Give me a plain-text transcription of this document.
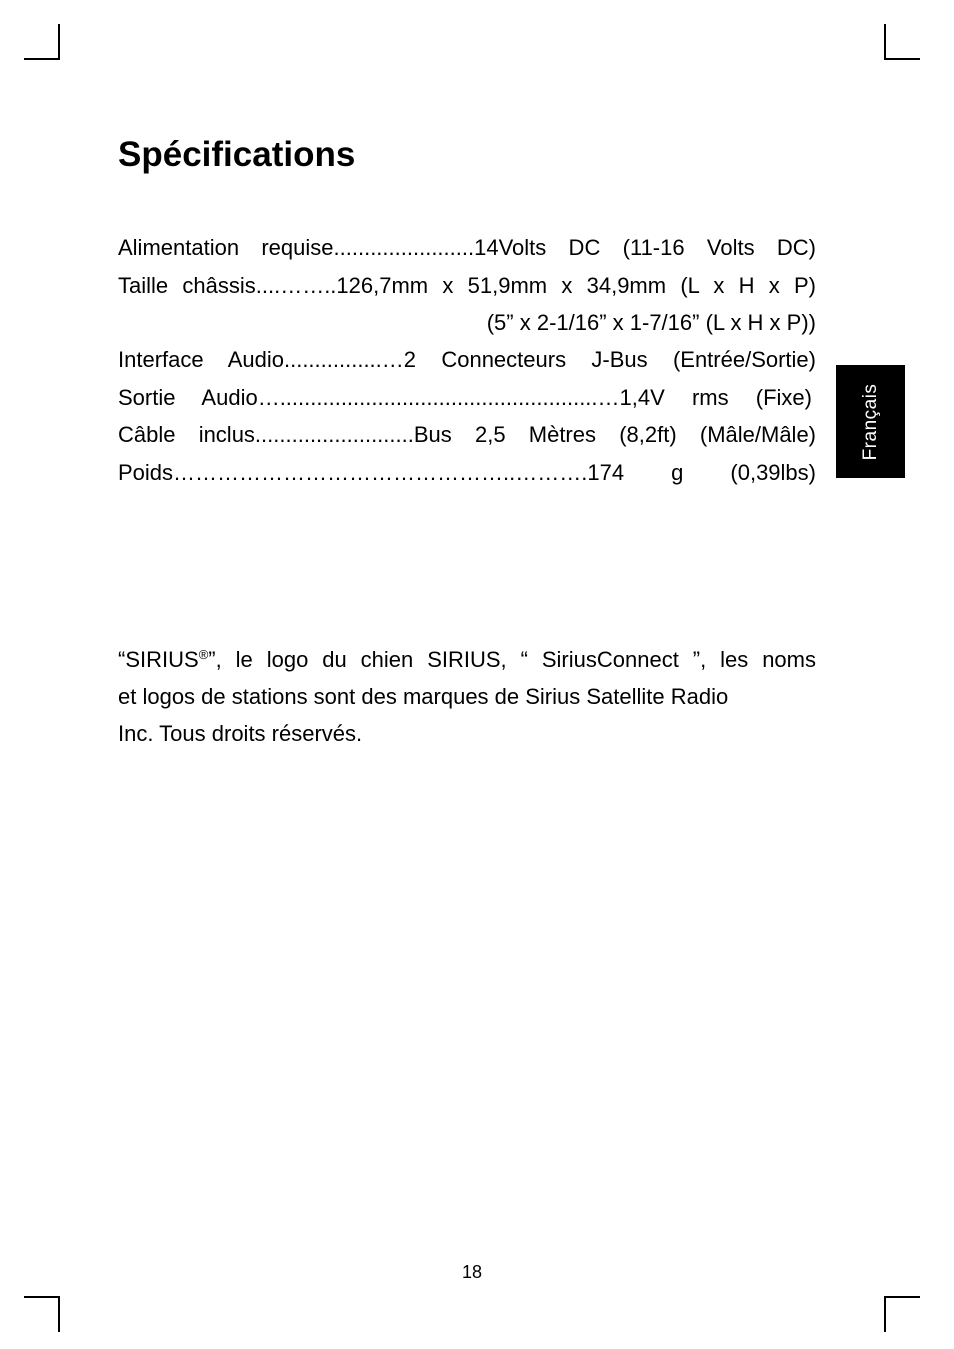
Spécifications
Alimentation requise.......................14Volts DC (11-16 Volts DC)
Taille châssis....……..126,7mm x 51,9mm x 34,9mm (L x H x P)
(5” x 2-1/16” x 1-7/16” (L x H x P))
Interface Audio................…2 Connecteurs J-Bus (Entrée/Sortie)
Sortie Audio…....................................................…1,4V rms (Fixe)
Câble inclus..........................Bus 2,5 Mètres (8,2ft) (Mâle/Mâle)
Poids………………………………………..……….174 g (0,39lbs)
Français
“SIRIUS®”, le logo du chien SIRIUS, “ SiriusConnect ”, les noms
et logos de stations sont des marques de Sirius Satellite Radio
Inc. Tous droits réservés.
18
